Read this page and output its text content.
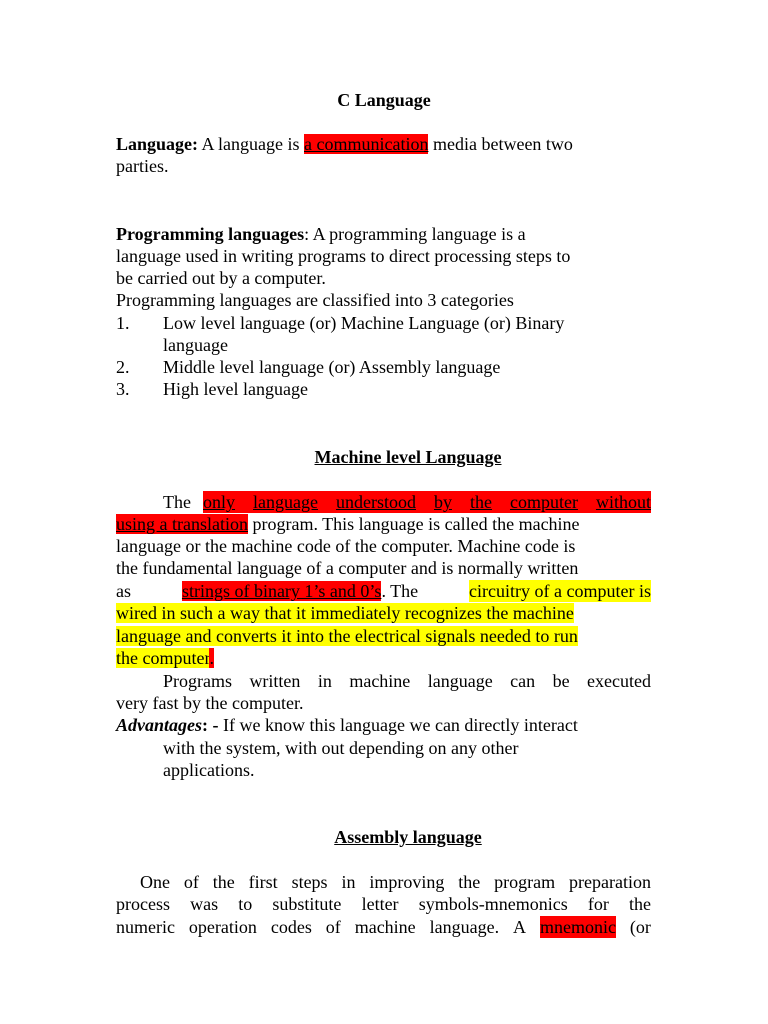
C Language
Language: A language is a communication media between two
parties.
Programming languages: A programming language is a
language used in writing programs to direct processing steps to
be carried out by a computer.
Programming languages are classified into 3 categories
1. Low level language (or) Machine Language (or) Binary
language
2. Middle level language (or) Assembly language
3. High level language
Machine level Language
The only language understood by the computer without
using a translation program. This language is called the machine
language or the machine code of the computer. Machine code is
the fundamental language of a computer and is normally written
as	strings of binary 1’s and 0’s. The	circuitry of a computer is
wired in such a way that it immediately recognizes the machine
language and converts it into the electrical signals needed to run
the computer.
Programs written in machine language can be executed
very fast by the computer.
Advantages: - If we know this language we can directly interact
with the system, with out depending on any other
applications.
Assembly language
One of the first steps in improving the program preparation
process was to substitute letter symbols-mnemonics for the
numeric operation codes of machine language. A mnemonic (or
